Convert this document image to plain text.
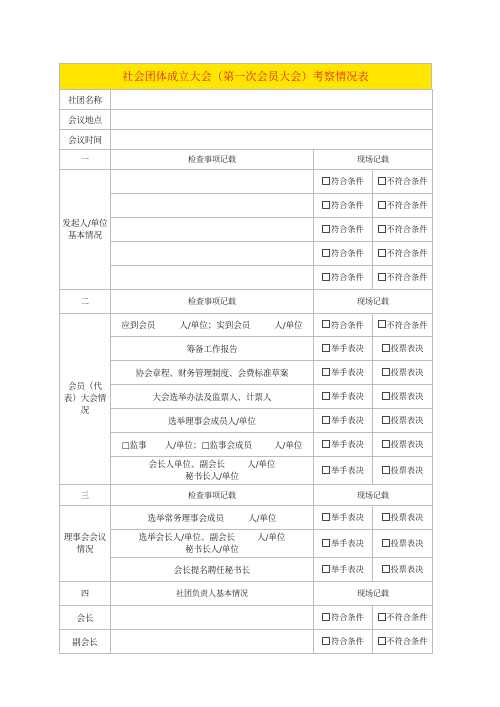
社会团体成立大会（第一次会员大会）考察情况表
社团名称			
会议地点			
会议时间			
一	检查事项记载	现场记载	
发起人/单位基本情况		符合条件	不符合条件
		符合条件	不符合条件
		符合条件	不符合条件
		符合条件	不符合条件
		符合条件	不符合条件
二	检查事项记载	现场记载	
会员（代表）大会情况	应到会员 人/单位；实到会员 人/单位	符合条件	不符合条件
	筹备工作报告	举手表决	投票表决
	协会章程、财务管理制度、会费标准草案	举手表决	投票表决
	大会选举办法及监票人、计票人	举手表决	投票表决
	选举理事会成员人/单位	举手表决	投票表决
	□监事 人/单位；□监事会成员 人/单位	举手表决	投票表决
	会长人单位、副会长 人/单位
秘书长人/单位	举手表决	投票表决
三	检查事项记载	现场记载	
理事会会议情况	选举常务理事会成员 人/单位	举手表决	投票表决
	选举会长人/单位、副会长 人/单位
秘书长人/单位	举手表决	投票表决
	会长提名聘任秘书长	举手表决	投票表决
四	社团负责人基本情况	现场记载	
会长		符合条件	不符合条件
副会长		符合条件	不符合条件
